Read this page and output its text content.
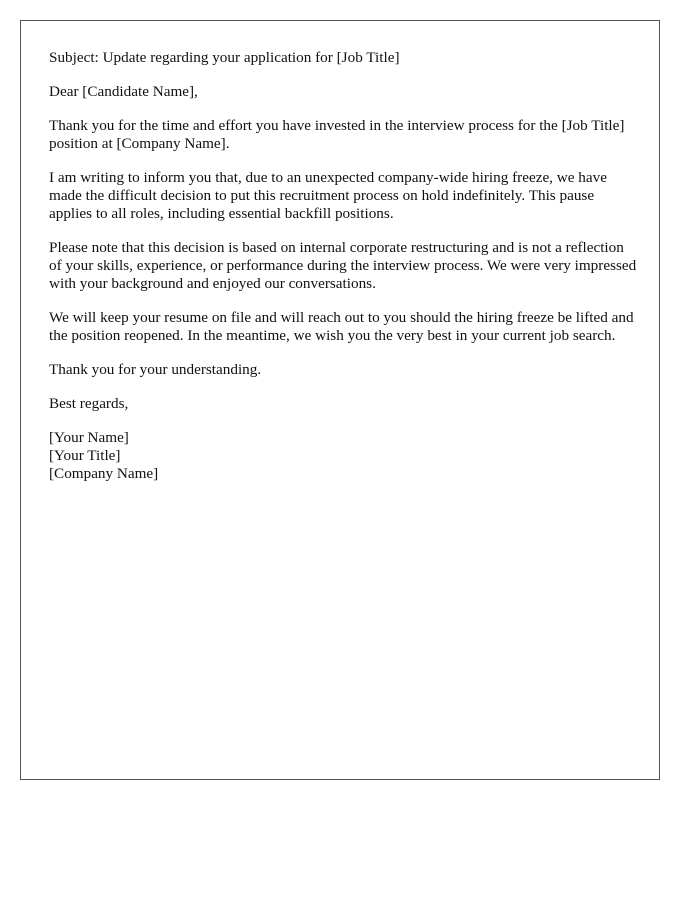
Subject: Update regarding your application for [Job Title]

Dear [Candidate Name],

Thank you for the time and effort you have invested in the interview process for the [Job Title] position at [Company Name].

I am writing to inform you that, due to an unexpected company-wide hiring freeze, we have made the difficult decision to put this recruitment process on hold indefinitely. This pause applies to all roles, including essential backfill positions.

Please note that this decision is based on internal corporate restructuring and is not a reflection of your skills, experience, or performance during the interview process. We were very impressed with your background and enjoyed our conversations.

We will keep your resume on file and will reach out to you should the hiring freeze be lifted and the position reopened. In the meantime, we wish you the very best in your current job search.

Thank you for your understanding.

Best regards,

[Your Name]
[Your Title]
[Company Name]
